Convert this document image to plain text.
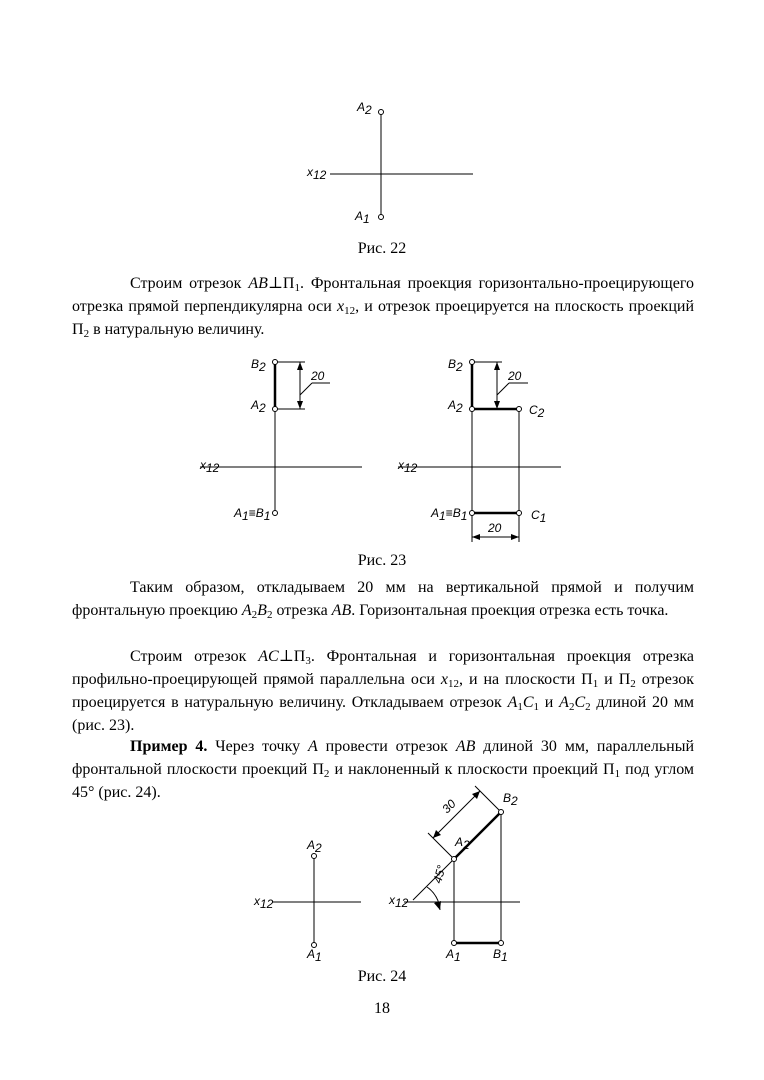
A2
x12
A1
20
B2
A2
x12
A1≡B1
20
20
B2
A2	C2
x12
A1≡B1	C1
A2
x12
A1
30
45°
B2
A2
x12
A1	B1
Рис. 22
Рис. 23
Рис. 24

Строим отрезок $AB\perp П_1$. Фронтальная проекция горизонтально-проецирующего отрезка прямой перпендикулярна оси $x_{12}$, и отрезок проецируется на плоскость проекций $П_2$ в натуральную величину.

Таким образом, откладываем 20 мм на вертикальной прямой и получим фронтальную проекцию $A_2B_2$ отрезка AB. Горизонтальная проекция отрезка есть точка.

Строим отрезок $AC\perp П_3$. Фронтальная и горизонтальная проекция отрезка профильно-проецирующей прямой параллельна оси $x_{12}$, и на плоскости $П_1$ и $П_2$ отрезок проецируется в натуральную величину. Откладываем отрезок $A_1C_1$ и $A_2C_2$ длиной 20 мм (рис. 23).

Пример 4. Через точку A провести отрезок AB длиной 30 мм, параллельный фронтальной плоскости проекций $П_2$ и наклоненный к плоскости проекций $П_1$ под углом 45° (рис. 24).

18
